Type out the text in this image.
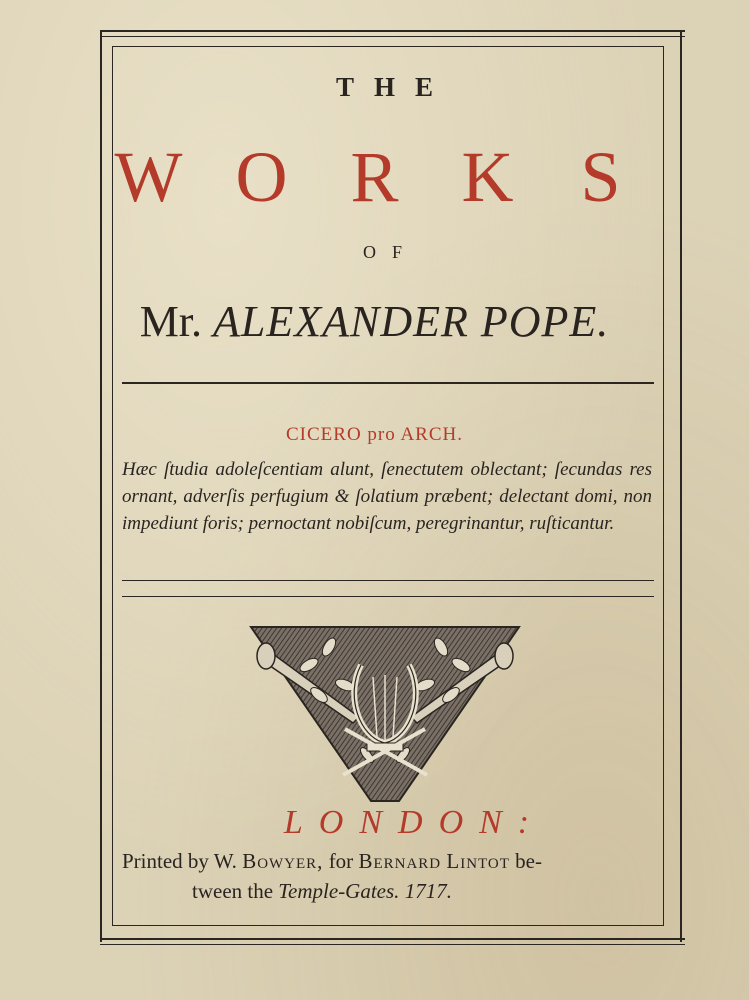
THE
W O R K S
OF
Mr. ALEXANDER POPE.
CICERO pro ARCH.
Hæc ſtudia adoleſcentiam alunt, ſenectutem oblectant; ſecundas res ornant, adverſis perfugium & ſolatium præbent; delectant domi, non impediunt foris; pernoctant nobiſcum, peregrinantur, ruſticantur.
LONDON:
Printed by W. Bowyer, for Bernard Lintot be-
tween the Temple-Gates. 1717.
